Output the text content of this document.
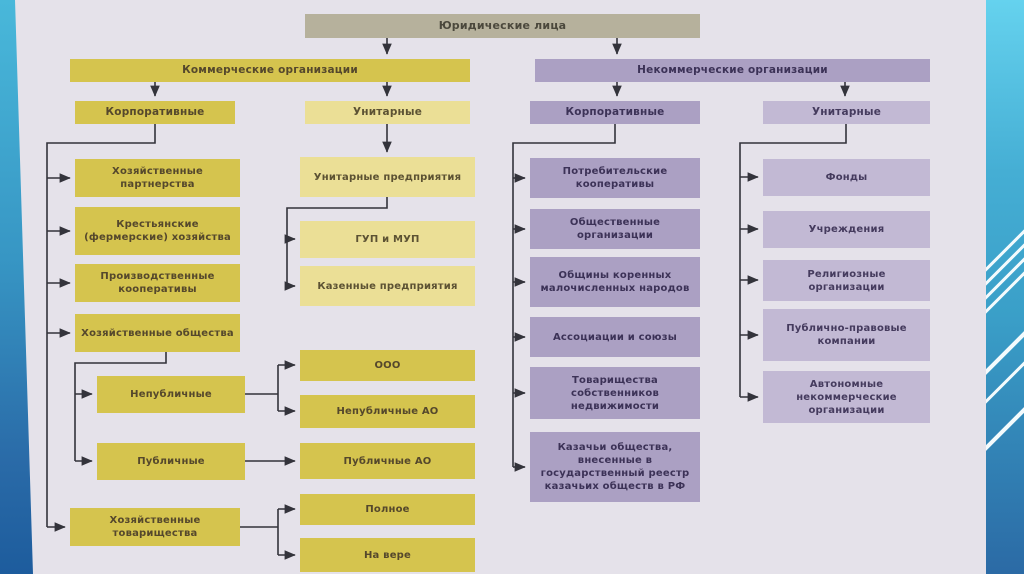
Юридические лица
Коммерческие организации	Некоммерческие организации
Корпоративные	Унитарные	Корпоративные	Унитарные
Хозяйственные партнерства
Крестьянские (фермерские) хозяйства
Производственные кооперативы
Хозяйственные общества
Непубличные
Публичные
Хозяйственные товарищества
Унитарные предприятия
ГУП и МУП
Казенные предприятия
ООО
Непубличные АО
Публичные АО
Полное
На вере
Потребительские кооперативы
Общественные организации
Общины коренных малочисленных народов
Ассоциации и союзы
Товарищества собственников недвижимости
Казачьи общества, внесенные в государственный реестр казачьих обществ в РФ
Фонды
Учреждения
Религиозные организации
Публично-правовые компании
Автономные некоммерческие организации
